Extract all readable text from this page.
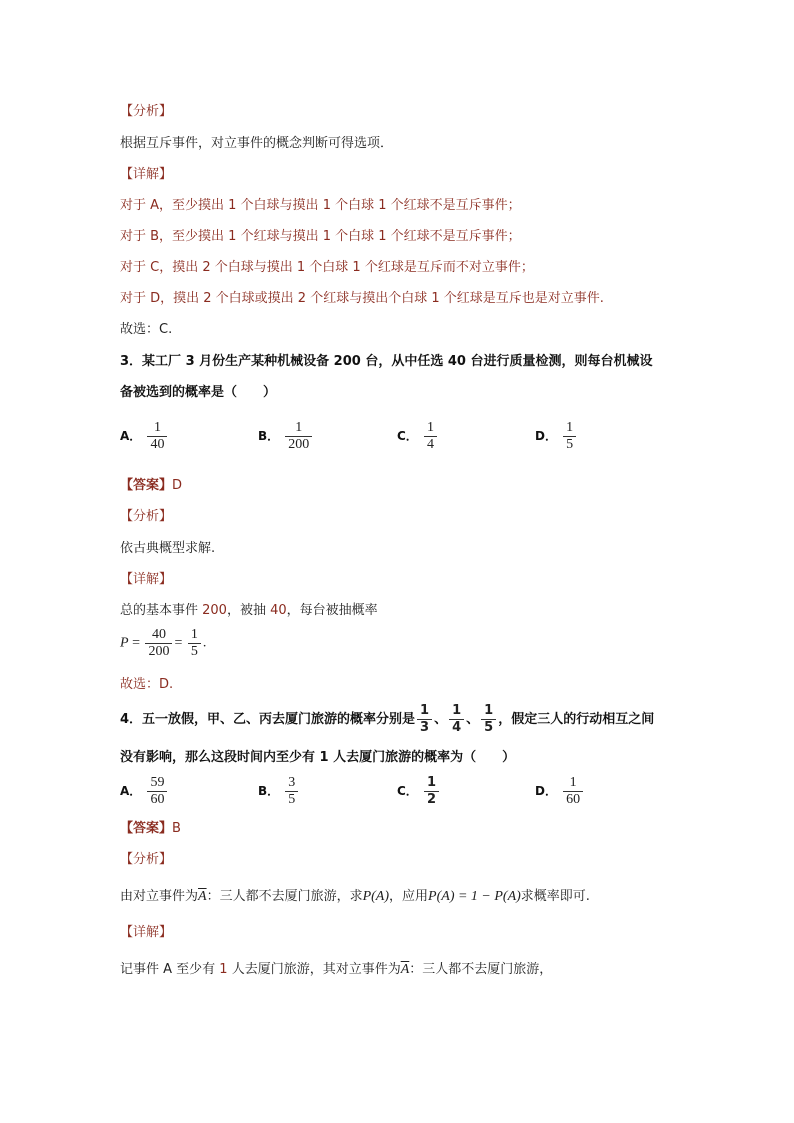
【分析】
根据互斥事件，对立事件的概念判断可得选项．
【详解】
对于 A，至少摸出 1 个白球与摸出 1 个白球 1 个红球不是互斥事件；
对于 B，至少摸出 1 个红球与摸出 1 个白球 1 个红球不是互斥事件；
对于 C，摸出 2 个白球与摸出 1 个白球 1 个红球是互斥而不对立事件；
对于 D，摸出 2 个白球或摸出 2 个红球与摸出个白球 1 个红球是互斥也是对立事件.
故选：C.
3．某工厂 3 月份生产某种机械设备 200 台，从中任选 40 台进行质量检测，则每台机械设
备被选到的概率是（　　）
A． $\frac{1}{40}$	B． $\frac{1}{200}$	C． $\frac{1}{4}$	D． $\frac{1}{5}$
【答案】D
【分析】
依古典概型求解.
【详解】
总的基本事件 200，被抽 40，每台被抽概率
$P = \frac{40}{200} = \frac{1}{5}$ .
故选：D.
4．五一放假，甲、乙、丙去厦门旅游的概率分别是 $\frac{1}{3}$ 、 $\frac{1}{4}$ 、 $\frac{1}{5}$ ，假定三人的行动相互之间
没有影响，那么这段时间内至少有 1 人去厦门旅游的概率为（　　）
A． $\frac{59}{60}$	B． $\frac{3}{5}$	C． $\frac{1}{2}$	D． $\frac{1}{60}$
【答案】B
【分析】
由对立事件为$\overline{A}$：三人都不去厦门旅游，求P(A)，应用P(A) = 1 − P(A)求概率即可.
【详解】
记事件 A 至少有 1 人去厦门旅游，其对立事件为$\overline{A}$：三人都不去厦门旅游，
